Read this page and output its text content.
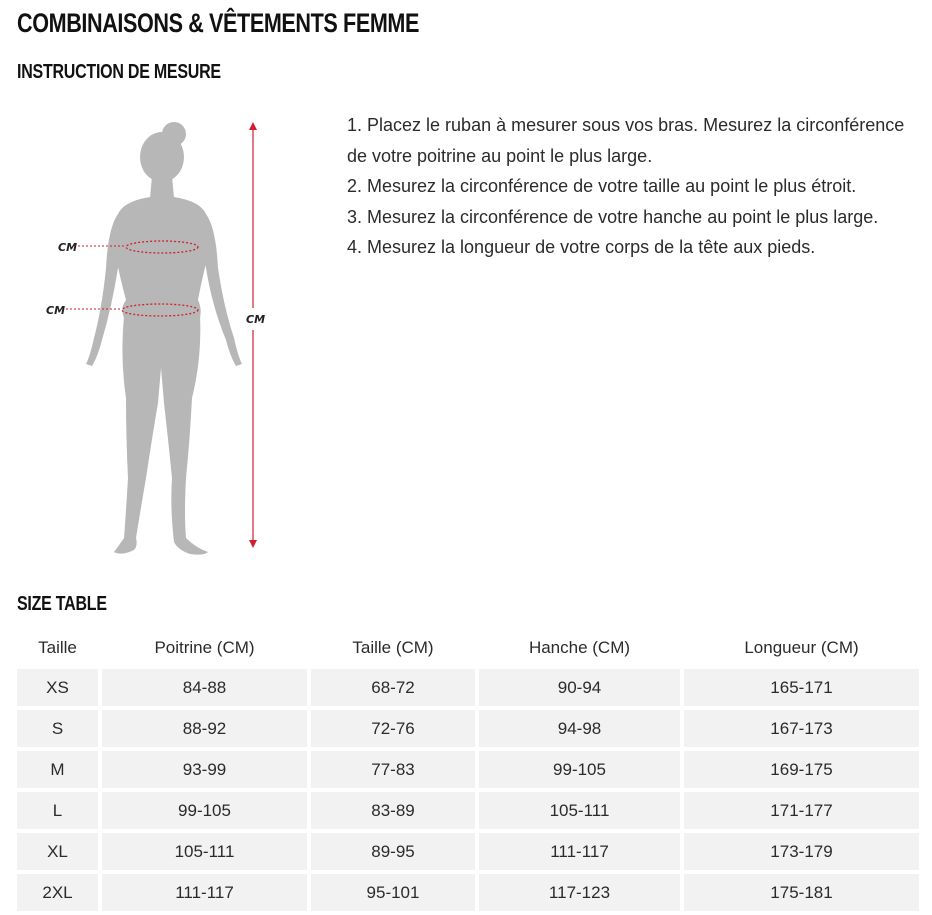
COMBINAISONS & VÊTEMENTS FEMME
INSTRUCTION DE MESURE
CM
CM
CM

1. Placez le ruban à mesurer sous vos bras. Mesurez la circonférence de votre poitrine au point le plus large.

2. Mesurez la circonférence de votre taille au point le plus étroit.

3. Mesurez la circonférence de votre hanche au point le plus large.

4. Mesurez la longueur de votre corps de la tête aux pieds.

SIZE TABLE
Taille	Poitrine (CM)	Taille (CM)	Hanche (CM)	Longueur (CM)
XS	84-88	68-72	90-94	165-171
S	88-92	72-76	94-98	167-173
M	93-99	77-83	99-105	169-175
L	99-105	83-89	105-111	171-177
XL	105-111	89-95	111-117	173-179
2XL	111-117	95-101	117-123	175-181
